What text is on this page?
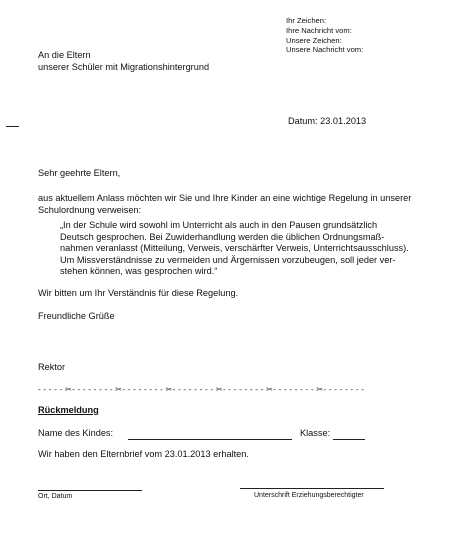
Ihr Zeichen:
Ihre Nachricht vom:
Unsere Zeichen:
Unsere Nachricht vom:
An die Eltern
unserer Schüler mit Migrationshintergrund
Datum: 23.01.2013
Sehr geehrte Eltern,
aus aktuellem Anlass möchten wir Sie und Ihre Kinder an eine wichtige Regelung in unserer
Schulordnung verweisen:
„In der Schule wird sowohl im Unterricht als auch in den Pausen grundsätzlich
Deutsch gesprochen. Bei Zuwiderhandlung werden die üblichen Ordnungsmaß-
nahmen veranlasst (Mitteilung, Verweis, verschärfter Verweis, Unterrichtsausschluss).
Um Missverständnisse zu vermeiden und Ärgernissen vorzubeugen, soll jeder ver-
stehen können, was gesprochen wird.“
Wir bitten um Ihr Verständnis für diese Regelung.
Freundliche Grüße
Rektor
- - - - - ✂- - - - - - - - ✂- - - - - - - - ✂- - - - - - - - ✂- - - - - - - - ✂- - - - - - - - ✂- - - - - - - -
Rückmeldung
Name des Kindes:	Klasse:
Wir haben den Elternbrief vom 23.01.2013 erhalten.
Ort, Datum	Unterschrift Erziehungsberechtigter
